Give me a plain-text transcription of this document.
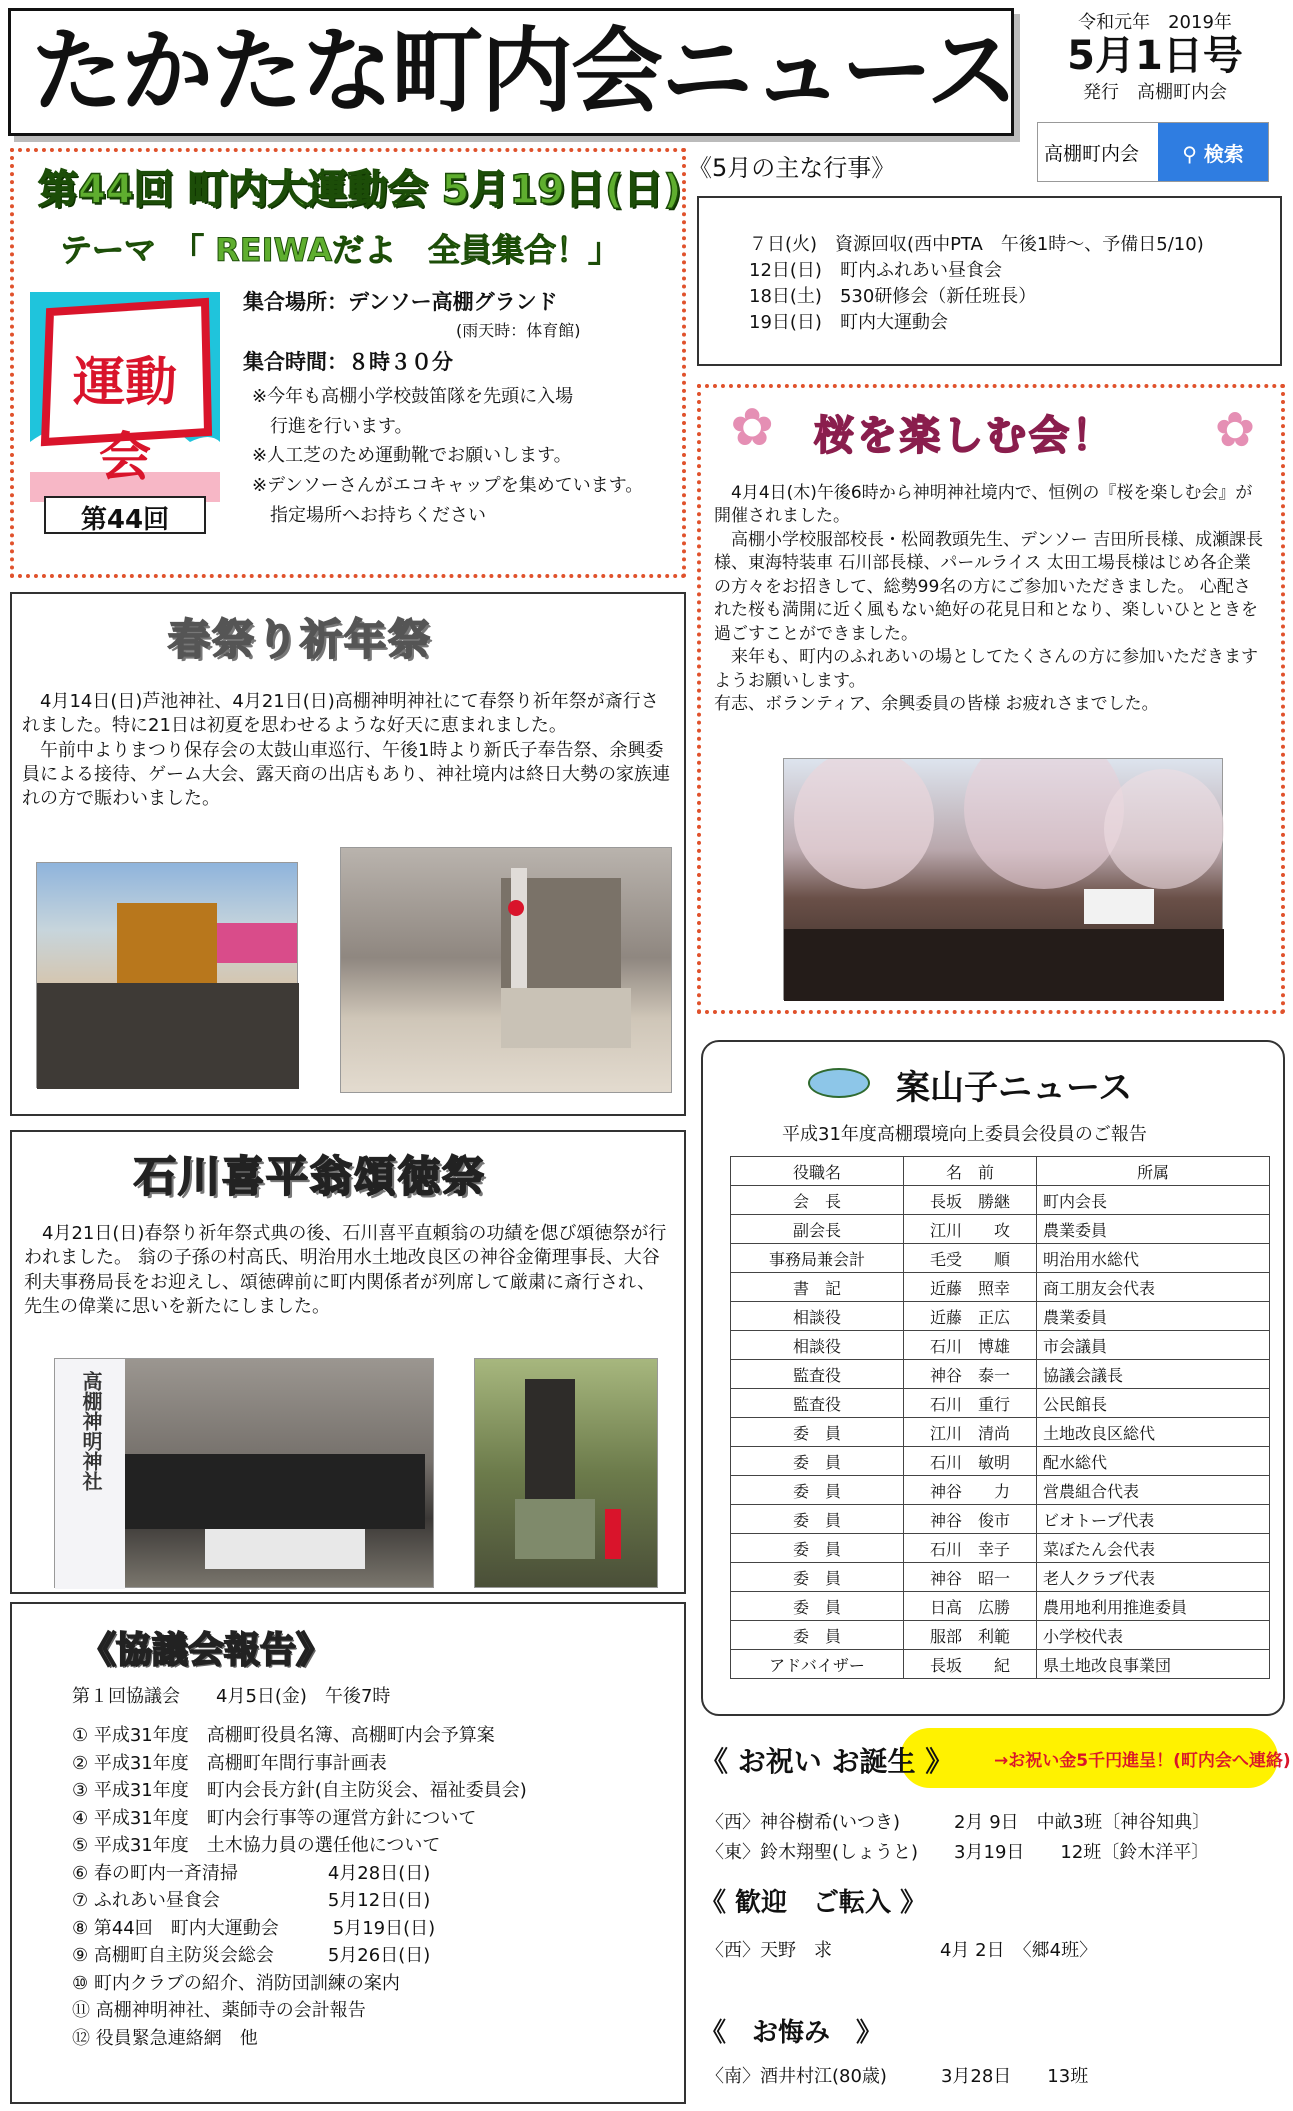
たかたな町内会ニュース	令和元年　2019年
5月1日号
発行　高棚町内会
高棚町内会
⚲ 検索
第44回 町内大運動会 5月19日(日)
テーマ　「 REIWAだよ　全員集合！」
運動会
第44回
集合場所：デンソー高棚グランド
(雨天時：体育館)
集合時間：８時３０分
※今年も高棚小学校鼓笛隊を先頭に入場
　行進を行います。
※人工芝のため運動靴でお願いします。
※デンソーさんがエコキャップを集めています。
　指定場所へお持ちください
《5月の主な行事》
７日(火)　資源回収(西中PTA　午後1時〜、予備日5/10)
12日(日)　町内ふれあい昼食会
18日(土)　530研修会（新任班長）
19日(日)　町内大運動会
✿	✿
桜を楽しむ会！
　4月4日(木)午後6時から神明神社境内で、恒例の『桜を楽しむ会』が開催されました。
　高棚小学校服部校長・松岡教頭先生、デンソー 吉田所長様、成瀬課長様、東海特装車 石川部長様、パールライス 太田工場長様はじめ各企業の方々をお招きして、総勢99名の方にご参加いただきました。 心配された桜も満開に近く風もない絶好の花見日和となり、楽しいひとときを過ごすことができました。
　来年も、町内のふれあいの場としてたくさんの方に参加いただきますようお願いします。
有志、ボランティア、余興委員の皆様 お疲れさまでした。
春祭り祈年祭
　4月14日(日)芦池神社、4月21日(日)高棚神明神社にて春祭り祈年祭が斎行されました。特に21日は初夏を思わせるような好天に恵まれました。
　午前中よりまつり保存会の太鼓山車巡行、午後1時より新氏子奉告祭、余興委員による接待、ゲーム大会、露天商の出店もあり、神社境内は終日大勢の家族連れの方で賑わいました。
石川喜平翁頌徳祭
　4月21日(日)春祭り祈年祭式典の後、石川喜平直頼翁の功績を偲び頌徳祭が行われました。 翁の子孫の村高氏、明治用水土地改良区の神谷金衛理事長、大谷利夫事務局長をお迎えし、頌徳碑前に町内関係者が列席して厳粛に斎行され、先生の偉業に思いを新たにしました。
高棚神明神社
《協議会報告》
第１回協議会　　4月5日(金)　午後7時
① 平成31年度　高棚町役員名簿、高棚町内会予算案
② 平成31年度　高棚町年間行事計画表
③ 平成31年度　町内会長方針(自主防災会、福祉委員会)
④ 平成31年度　町内会行事等の運営方針について
⑤ 平成31年度　土木協力員の選任他について
⑥ 春の町内一斉清掃　　　　　4月28日(日)
⑦ ふれあい昼食会　　　　　　5月12日(日)
⑧ 第44回　町内大運動会　　　5月19日(日)
⑨ 高棚町自主防災会総会　　　5月26日(日)
⑩ 町内クラブの紹介、消防団訓練の案内
⑪ 高棚神明神社、薬師寺の会計報告
⑫ 役員緊急連絡網　他
案山子ニュース
平成31年度高棚環境向上委員会役員のご報告
役職名	名　前	所属
会　長	長坂　勝継	町内会長
副会長	江川　　攻	農業委員
事務局兼会計	毛受　　順	明治用水総代
書　記	近藤　照幸	商工朋友会代表
相談役	近藤　正広	農業委員
相談役	石川　博雄	市会議員
監査役	神谷　泰一	協議会議長
監査役	石川　重行	公民館長
委　員	江川　清尚	土地改良区総代
委　員	石川　敏明	配水総代
委　員	神谷　　力	営農組合代表
委　員	神谷　俊市	ビオトープ代表
委　員	石川　幸子	菜ぼたん会代表
委　員	神谷　昭一	老人クラブ代表
委　員	日高　広勝	農用地利用推進委員
委　員	服部　利範	小学校代表
アドバイザー	長坂　　紀	県土地改良事業団
《 お祝い お誕生 》 →お祝い金5千円進呈！(町内会へ連絡)
〈西〉神谷樹希(いつき)　　　2月 9日　中畝3班〔神谷知典〕
〈東〉鈴木翔聖(しょうと)　　3月19日　　12班〔鈴木洋平〕
《 歓迎　ご転入 》
〈西〉天野　求　　　　　　4月 2日　〈郷4班〉
《　お悔み　》
〈南〉酒井村江(80歳)　　　3月28日　　13班
